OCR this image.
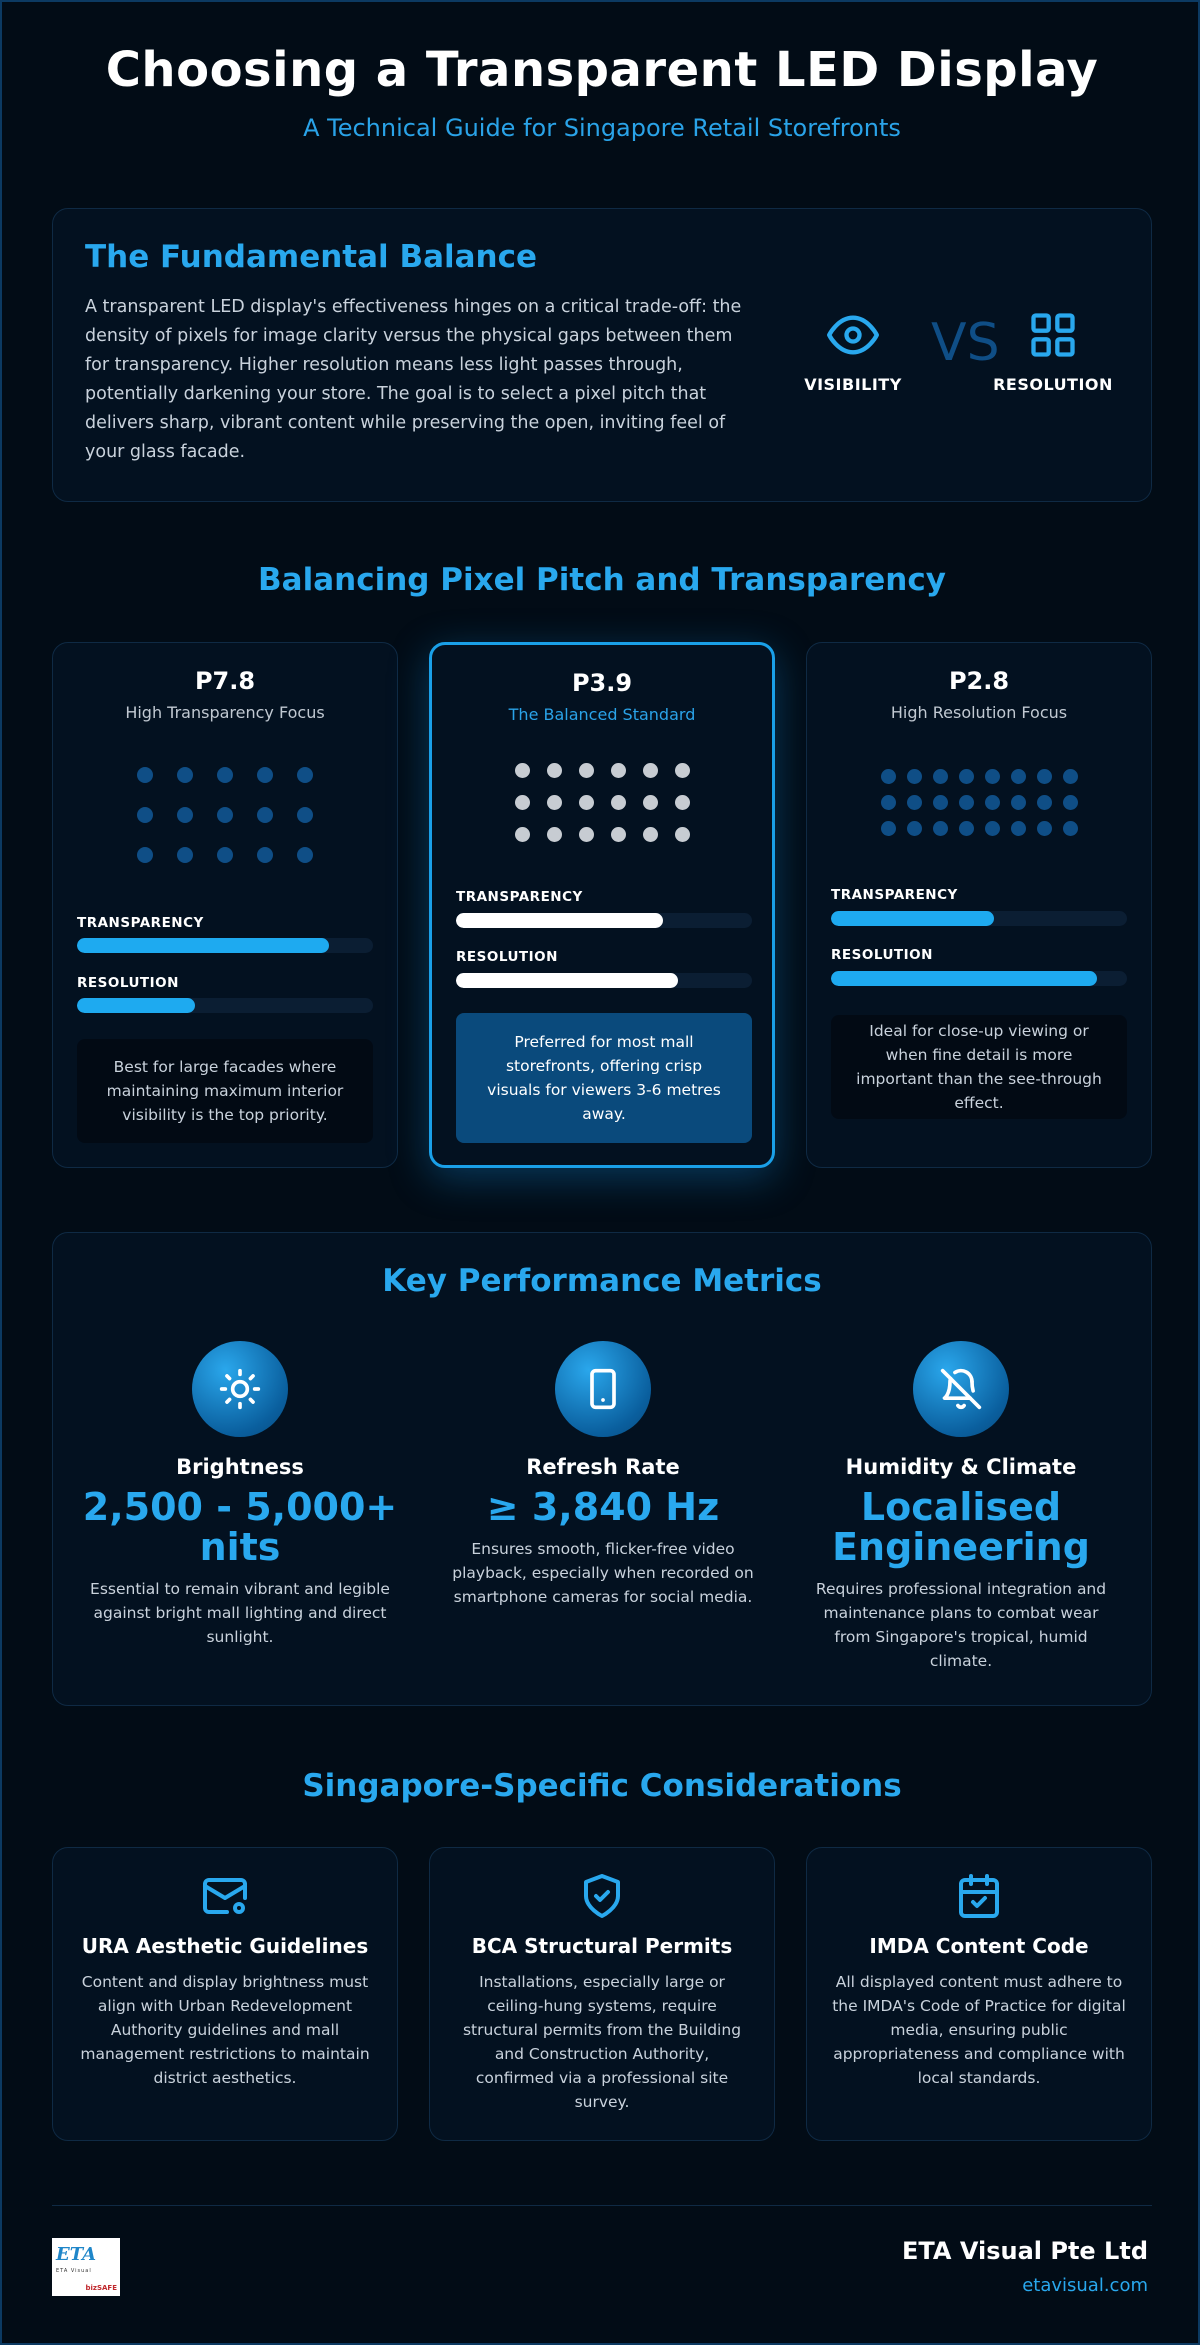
Choosing a Transparent LED Display
A Technical Guide for Singapore Retail Storefronts
The Fundamental Balance

A transparent LED display's effectiveness hinges on a critical trade-off: the density of pixels for image clarity versus the physical gaps between them for transparency. Higher resolution means less light passes through, potentially darkening your store. The goal is to select a pixel pitch that delivers sharp, vibrant content while preserving the open, inviting feel of your glass facade.

VISIBILITY
VS
RESOLUTION
Balancing Pixel Pitch and Transparency
P7.8
High Transparency Focus
TRANSPARENCY
RESOLUTION
Best for large facades where maintaining maximum interior visibility is the top priority.
P3.9
The Balanced Standard
TRANSPARENCY
RESOLUTION
Preferred for most mall storefronts, offering crisp visuals for viewers 3-6 metres away.
P2.8
High Resolution Focus
TRANSPARENCY
RESOLUTION
Ideal for close-up viewing or when fine detail is more important than the see-through effect.
Key Performance Metrics
Brightness
2,500 - 5,000+ nits
Essential to remain vibrant and legible against bright mall lighting and direct sunlight.
Refresh Rate
≥ 3,840 Hz
Ensures smooth, flicker-free video playback, especially when recorded on smartphone cameras for social media.
Humidity & Climate
Localised Engineering
Requires professional integration and maintenance plans to combat wear from Singapore's tropical, humid climate.
Singapore-Specific Considerations
URA Aesthetic Guidelines
Content and display brightness must align with Urban Redevelopment Authority guidelines and mall management restrictions to maintain district aesthetics.
BCA Structural Permits
Installations, especially large or ceiling-hung systems, require structural permits from the Building and Construction Authority, confirmed via a professional site survey.
IMDA Content Code
All displayed content must adhere to the IMDA's Code of Practice for digital media, ensuring public appropriateness and compliance with local standards.
ETA
ETA Visual
bizSAFE
ETA Visual Pte Ltd
etavisual.com
